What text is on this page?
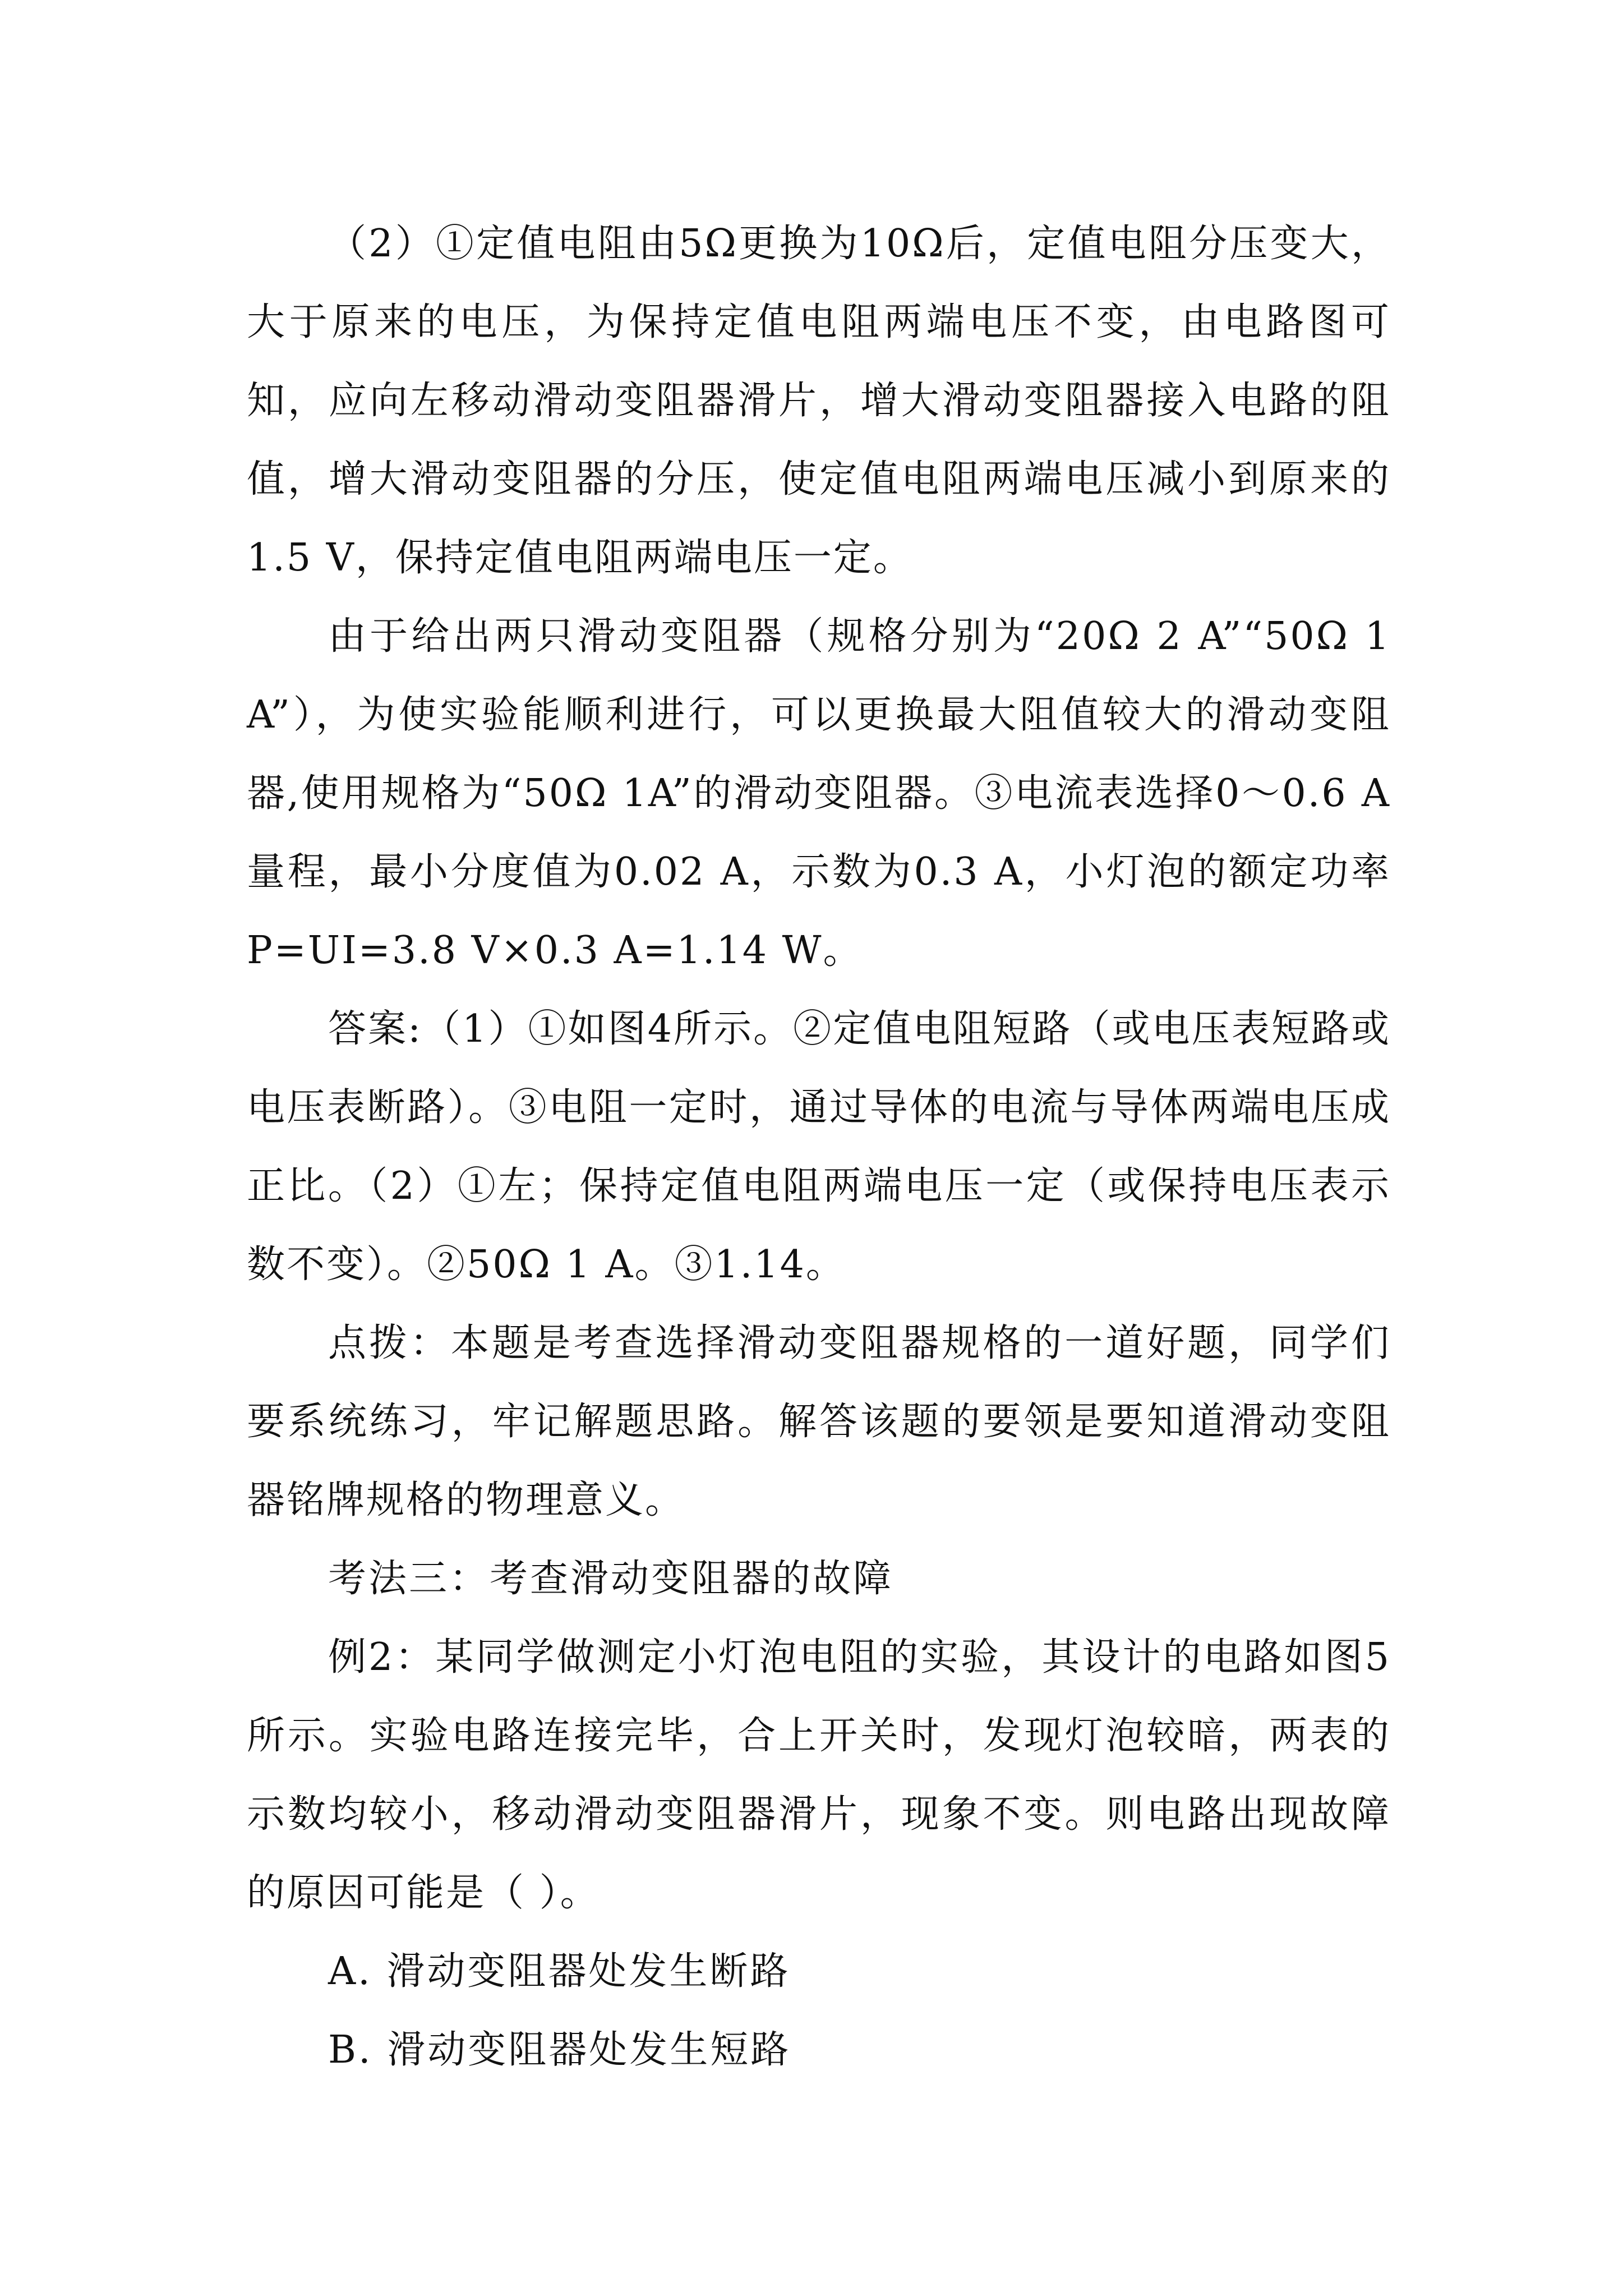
（2）①定值电阻由5Ω更换为10Ω后，定值电阻分压变大，大于原来的电压，为保持定值电阻两端电压不变，由电路图可知，应向左移动滑动变阻器滑片，增大滑动变阻器接入电路的阻值，增大滑动变阻器的分压，使定值电阻两端电压减小到原来的1.5 V，保持定值电阻两端电压一定。

由于给出两只滑动变阻器（规格分别为“20Ω 2 A”“50Ω 1 A”），为使实验能顺利进行，可以更换最大阻值较大的滑动变阻器,使用规格为“50Ω 1A”的滑动变阻器。③电流表选择0～0.6 A量程，最小分度值为0.02 A，示数为0.3 A，小灯泡的额定功率P=UI=3.8 V×0.3 A=1.14 W。

答案:（1）①如图4所示。②定值电阻短路（或电压表短路或电压表断路）。③电阻一定时，通过导体的电流与导体两端电压成正比。（2）①左；保持定值电阻两端电压一定（或保持电压表示数不变）。②50Ω 1 A。③1.14。

点拨：本题是考查选择滑动变阻器规格的一道好题，同学们要系统练习，牢记解题思路。解答该题的要领是要知道滑动变阻器铭牌规格的物理意义。

考法三：考查滑动变阻器的故障

例2：某同学做测定小灯泡电阻的实验，其设计的电路如图5所示。实验电路连接完毕，合上开关时，发现灯泡较暗，两表的示数均较小，移动滑动变阻器滑片，现象不变。则电路出现故障的原因可能是（ ）。

A. 滑动变阻器处发生断路

B. 滑动变阻器处发生短路
